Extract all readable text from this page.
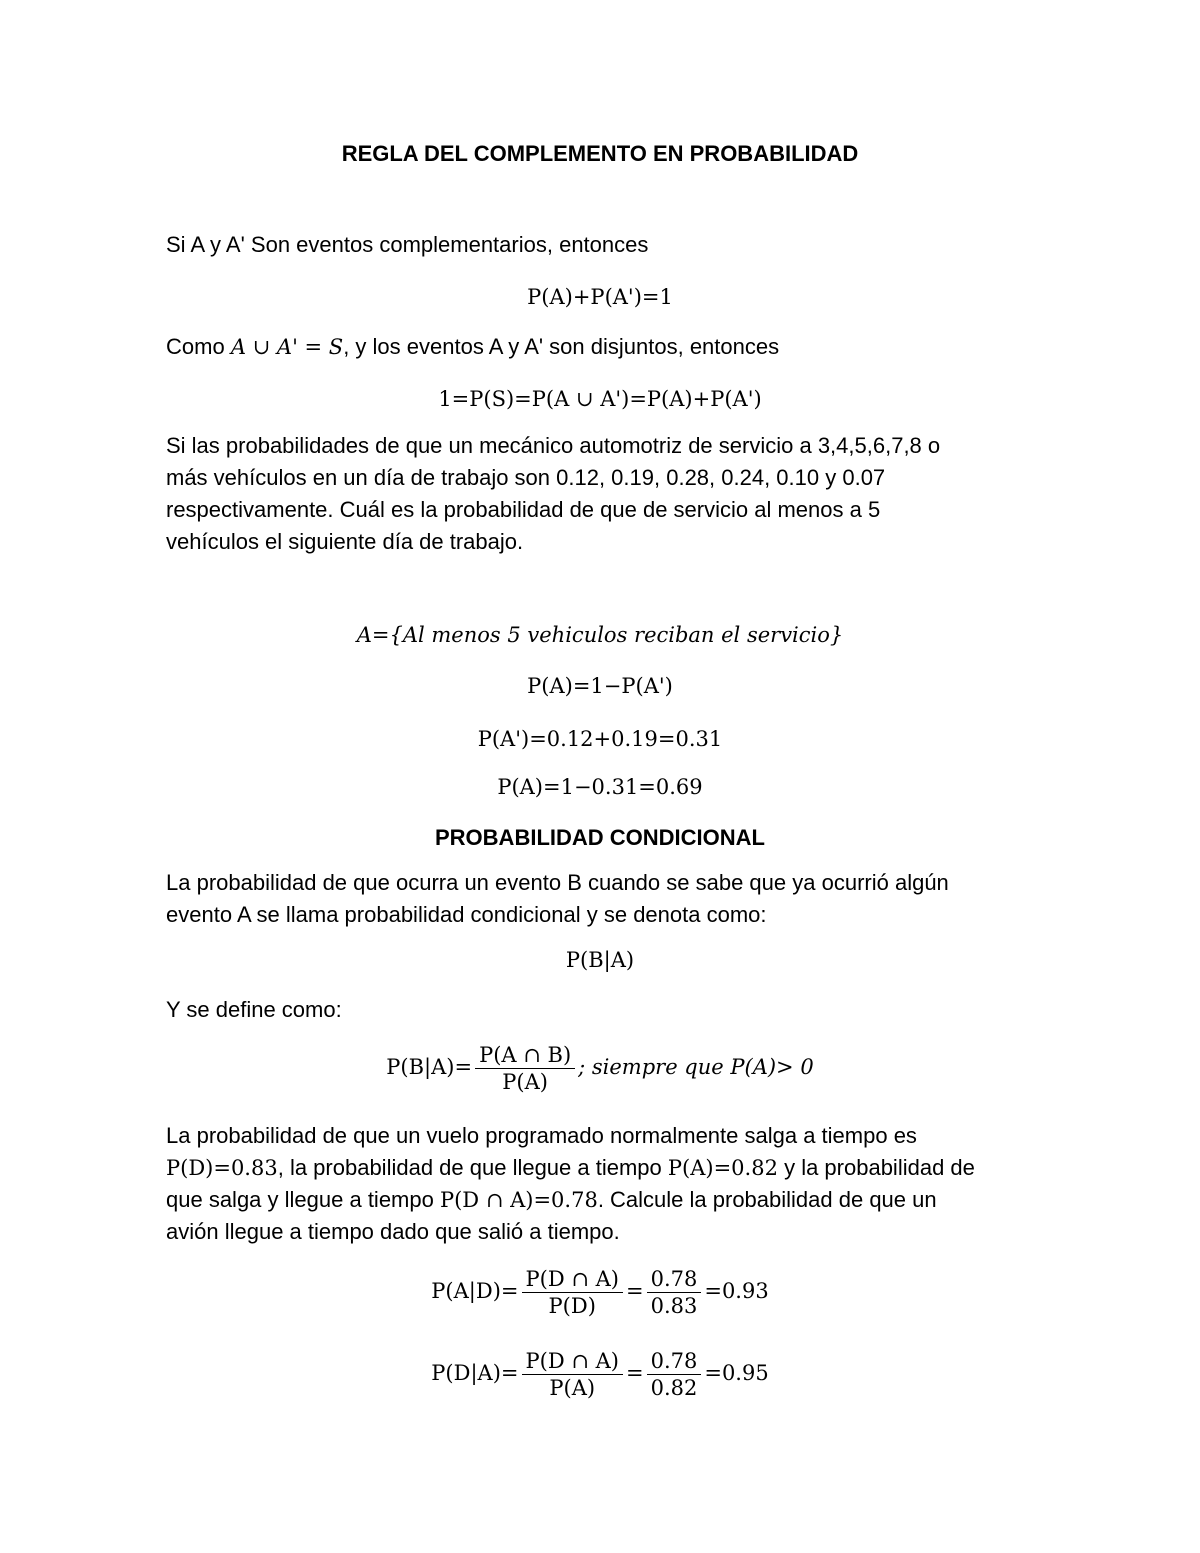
REGLA DEL COMPLEMENTO EN PROBABILIDAD
Si A y A' Son eventos complementarios, entonces
P(A)+P(A')=1
Como A ∪ A' = S, y los eventos A y A' son disjuntos, entonces
1=P(S)=P(A ∪ A')=P(A)+P(A')
Si las probabilidades de que un mecánico automotriz de servicio a 3,4,5,6,7,8 o
más vehículos en un día de trabajo son 0.12, 0.19, 0.28, 0.24, 0.10 y 0.07
respectivamente. Cuál es la probabilidad de que de servicio al menos a 5
vehículos el siguiente día de trabajo.
A={Al menos 5 vehiculos reciban el servicio}
P(A)=1−P(A')
P(A')=0.12+0.19=0.31
P(A)=1−0.31=0.69
PROBABILIDAD CONDICIONAL
La probabilidad de que ocurra un evento B cuando se sabe que ya ocurrió algún
evento A se llama probabilidad condicional y se denota como:
P(B|A)
Y se define como:
$P(B|A)= \frac{P(A \cap B)}{P(A)}$ ; siempre que P(A)> 0
La probabilidad de que un vuelo programado normalmente salga a tiempo es
P(D)=0.83, la probabilidad de que llegue a tiempo P(A)=0.82 y la probabilidad de
que salga y llegue a tiempo P(D ∩ A)=0.78. Calcule la probabilidad de que un
avión llegue a tiempo dado que salió a tiempo.
$P(A|D)= \frac{P(D \cap A)}{P(D)} = \frac{0.78}{0.83} =0.93$
$P(D|A)= \frac{P(D \cap A)}{P(A)} = \frac{0.78}{0.82} =0.95$
